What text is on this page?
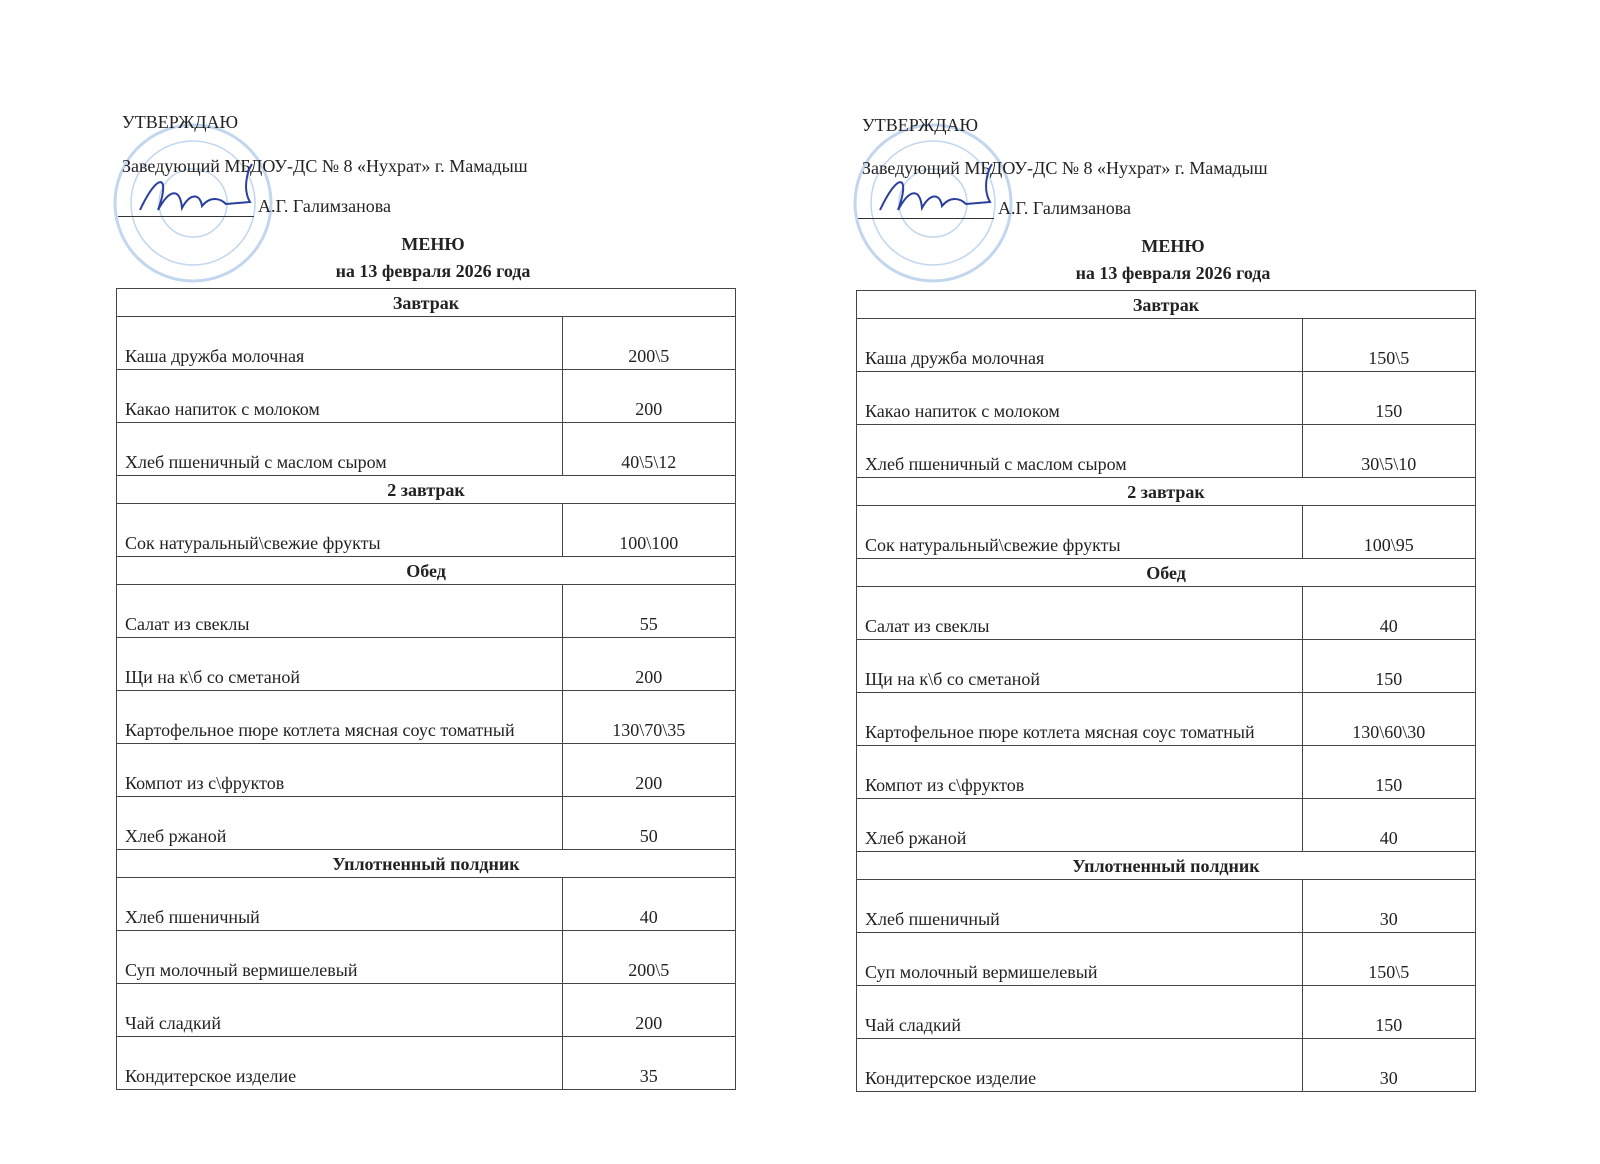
УТВЕРЖДАЮ
Заведующий МБДОУ-ДС № 8 «Нухрат» г. Мамадыш
А.Г. Галимзанова
МЕНЮ
на 13 февраля 2026 года
Завтрак	
Каша дружба молочная	200\5
Какао напиток с молоком	200
Хлеб пшеничный с маслом сыром	40\5\12
2 завтрак	
Сок натуральный\свежие фрукты	100\100
Обед	
Салат из свеклы	55
Щи на к\б со сметаной	200
Картофельное пюре котлета мясная соус томатный	130\70\35
Компот из с\фруктов	200
Хлеб ржаной	50
Уплотненный полдник	
Хлеб пшеничный	40
Суп молочный вермишелевый	200\5
Чай сладкий	200
Кондитерское изделие	35
УТВЕРЖДАЮ
Заведующий МБДОУ-ДС № 8 «Нухрат» г. Мамадыш
А.Г. Галимзанова
МЕНЮ
на 13 февраля 2026 года
Завтрак	
Каша дружба молочная	150\5
Какао напиток с молоком	150
Хлеб пшеничный с маслом сыром	30\5\10
2 завтрак	
Сок натуральный\свежие фрукты	100\95
Обед	
Салат из свеклы	40
Щи на к\б со сметаной	150
Картофельное пюре котлета мясная соус томатный	130\60\30
Компот из с\фруктов	150
Хлеб ржаной	40
Уплотненный полдник	
Хлеб пшеничный	30
Суп молочный вермишелевый	150\5
Чай сладкий	150
Кондитерское изделие	30
